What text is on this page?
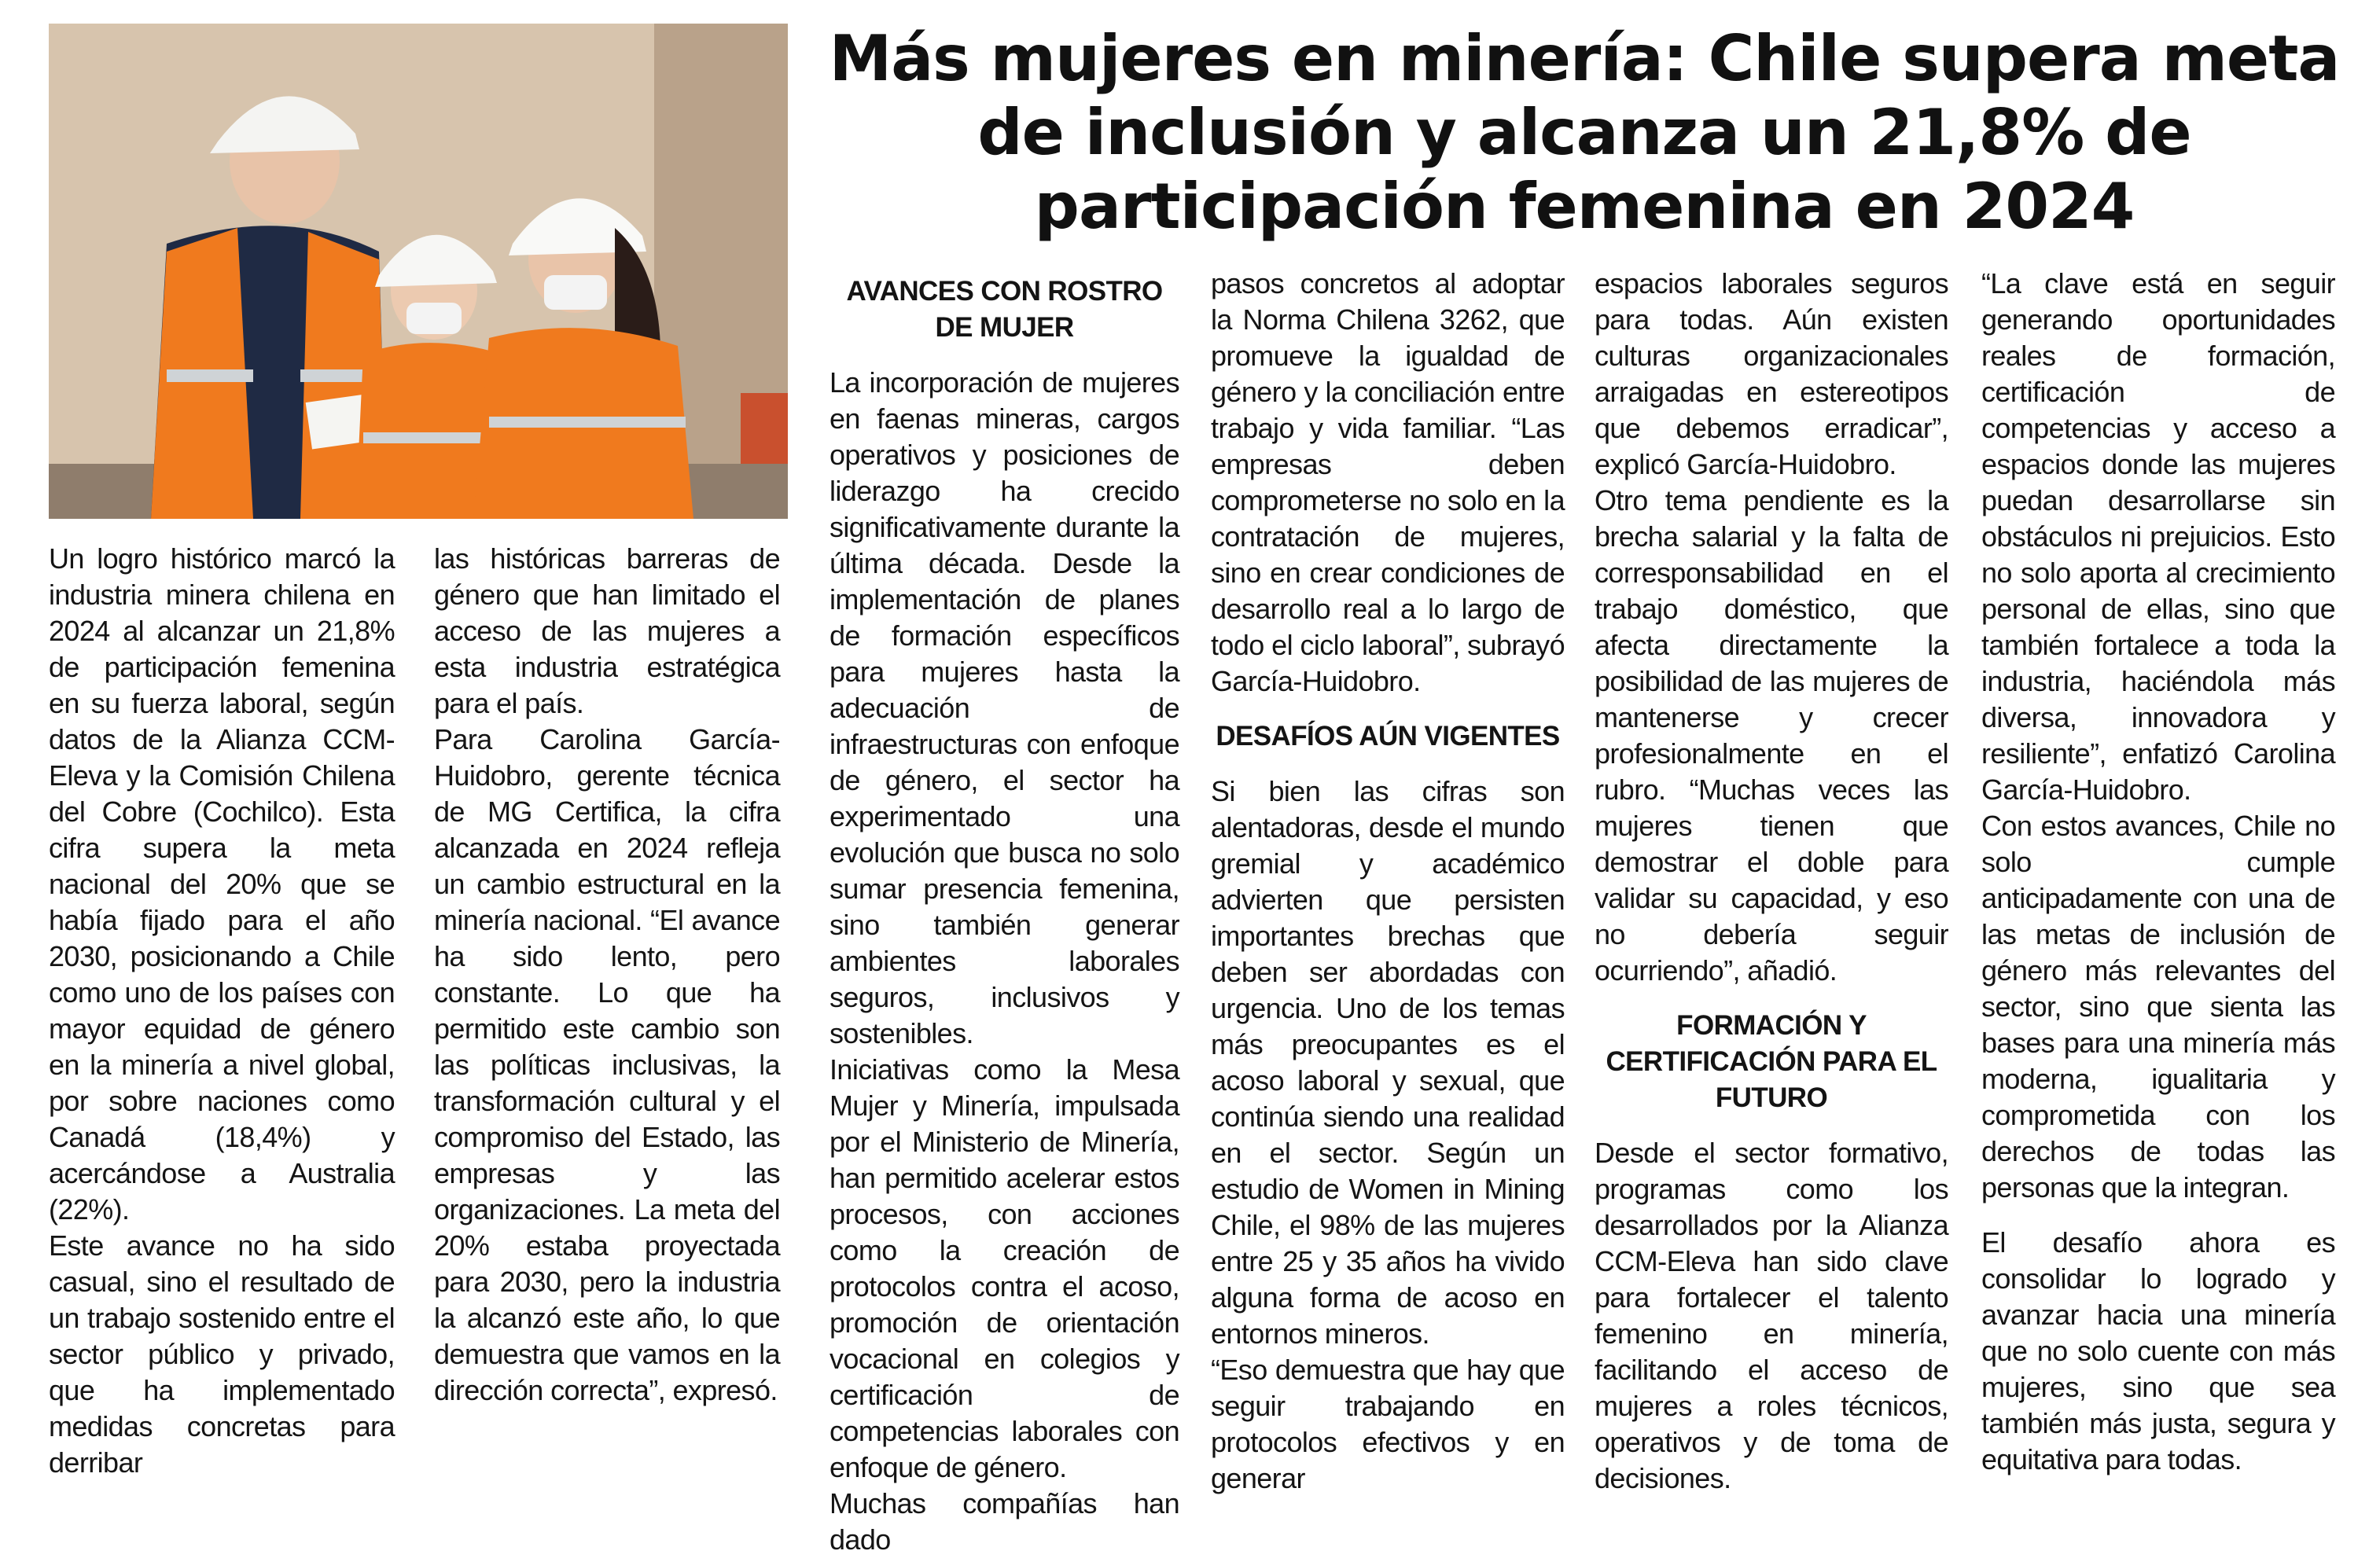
Más mujeres en minería: Chile supera meta de inclusión y alcanza un 21,8% de participación femenina en 2024

Un logro histórico marcó la industria minera chilena en 2024 al alcanzar un 21,8% de participación femenina en su fuerza laboral, según datos de la Alianza CCM-Eleva y la Comisión Chilena del Cobre (Cochilco). Esta cifra supera la meta nacional del 20% que se había fijado para el año 2030, posicionando a Chile como uno de los países con mayor equidad de género en la minería a nivel global, por sobre naciones como Canadá (18,4%) y acercándose a Australia (22%).

Este avance no ha sido casual, sino el resultado de un trabajo sostenido entre el sector público y privado, que ha implementado medidas concretas para derribar

las históricas barreras de género que han limitado el acceso de las mujeres a esta industria estratégica para el país.

Para Carolina García-Huidobro, gerente técnica de MG Certifica, la cifra alcanzada en 2024 refleja un cambio estructural en la minería nacional. “El avance ha sido lento, pero constante. Lo que ha permitido este cambio son las políticas inclusivas, la transformación cultural y el compromiso del Estado, las empresas y las organizaciones. La meta del 20% estaba proyectada para 2030, pero la industria la alcanzó este año, lo que demuestra que vamos en la dirección correcta”, expresó.

AVANCES CON ROSTRO DE MUJER

La incorporación de mujeres en faenas mineras, cargos operativos y posiciones de liderazgo ha crecido significativamente durante la última década. Desde la implementación de planes de formación específicos para mujeres hasta la adecuación de infraestructuras con enfoque de género, el sector ha experimentado una evolución que busca no solo sumar presencia femenina, sino también generar ambientes laborales seguros, inclusivos y sostenibles.

Iniciativas como la Mesa Mujer y Minería, impulsada por el Ministerio de Minería, han permitido acelerar estos procesos, con acciones como la creación de protocolos contra el acoso, promoción de orientación vocacional en colegios y certificación de competencias laborales con enfoque de género.

Muchas compañías han dado

pasos concretos al adoptar la Norma Chilena 3262, que promueve la igualdad de género y la conciliación entre trabajo y vida familiar. “Las empresas deben comprometerse no solo en la contratación de mujeres, sino en crear condiciones de desarrollo real a lo largo de todo el ciclo laboral”, subrayó García-Huidobro.

DESAFÍOS AÚN VIGENTES

Si bien las cifras son alentadoras, desde el mundo gremial y académico advierten que persisten importantes brechas que deben ser abordadas con urgencia. Uno de los temas más preocupantes es el acoso laboral y sexual, que continúa siendo una realidad en el sector. Según un estudio de Women in Mining Chile, el 98% de las mujeres entre 25 y 35 años ha vivido alguna forma de acoso en entornos mineros.

“Eso demuestra que hay que seguir trabajando en protocolos efectivos y en generar

espacios laborales seguros para todas. Aún existen culturas organizacionales arraigadas en estereotipos que debemos erradicar”, explicó García-Huidobro.

Otro tema pendiente es la brecha salarial y la falta de corresponsabilidad en el trabajo doméstico, que afecta directamente la posibilidad de las mujeres de mantenerse y crecer profesionalmente en el rubro. “Muchas veces las mujeres tienen que demostrar el doble para validar su capacidad, y eso no debería seguir ocurriendo”, añadió.

FORMACIÓN Y CERTIFICACIÓN PARA EL FUTURO

Desde el sector formativo, programas como los desarrollados por la Alianza CCM-Eleva han sido clave para fortalecer el talento femenino en minería, facilitando el acceso de mujeres a roles técnicos, operativos y de toma de decisiones.

“La clave está en seguir generando oportunidades reales de formación, certificación de competencias y acceso a espacios donde las mujeres puedan desarrollarse sin obstáculos ni prejuicios. Esto no solo aporta al crecimiento personal de ellas, sino que también fortalece a toda la industria, haciéndola más diversa, innovadora y resiliente”, enfatizó Carolina García-Huidobro.

Con estos avances, Chile no solo cumple anticipadamente con una de las metas de inclusión de género más relevantes del sector, sino que sienta las bases para una minería más moderna, igualitaria y comprometida con los derechos de todas las personas que la integran.

El desafío ahora es consolidar lo logrado y avanzar hacia una minería que no solo cuente con más mujeres, sino que sea también más justa, segura y equitativa para todas.
